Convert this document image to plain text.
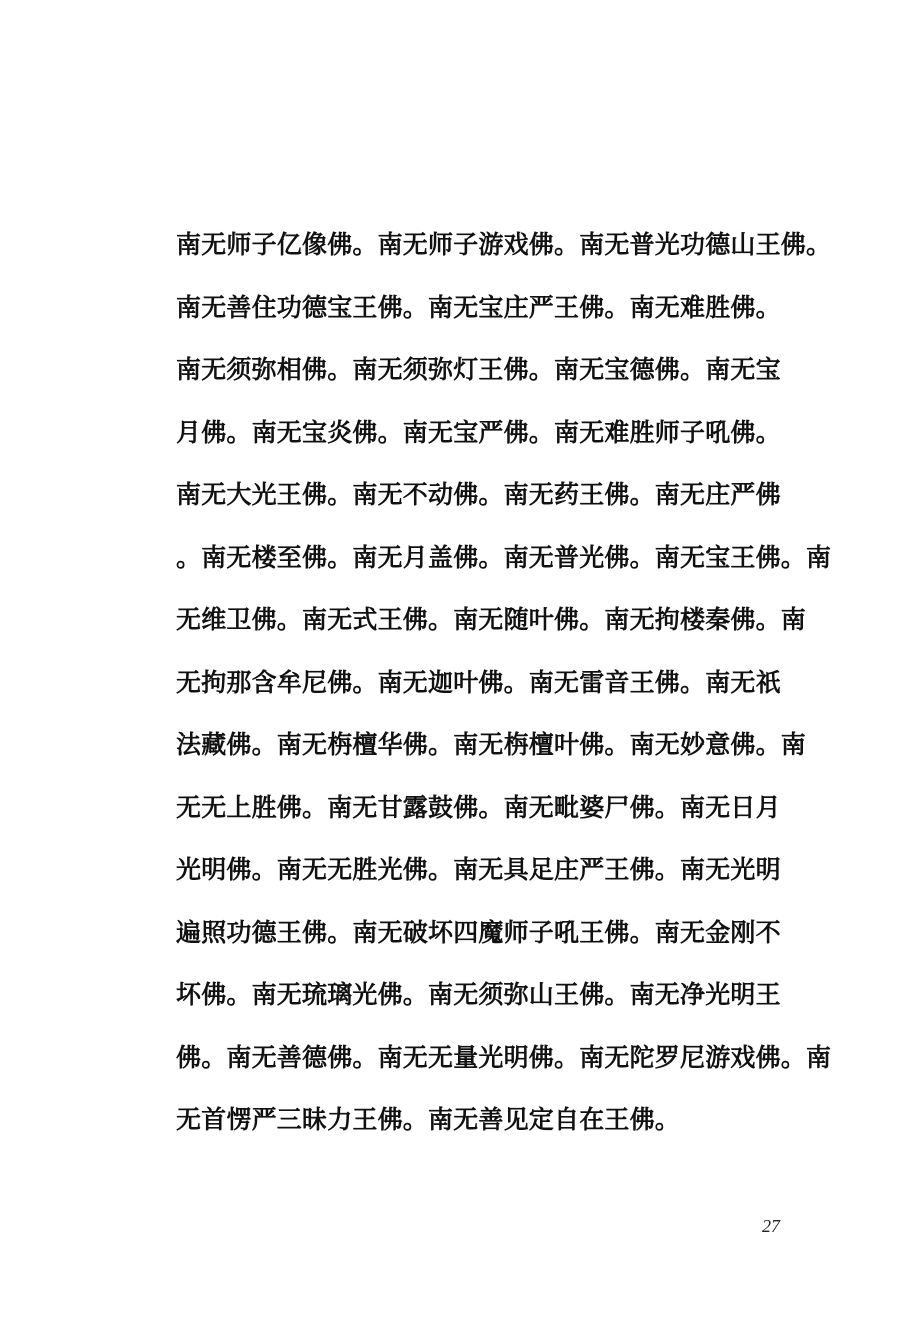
南无师子亿像佛。南无师子游戏佛。南无普光功德山王佛。
南无善住功德宝王佛。南无宝庄严王佛。南无难胜佛。
南无须弥相佛。南无须弥灯王佛。南无宝德佛。南无宝
月佛。南无宝炎佛。南无宝严佛。南无难胜师子吼佛。
南无大光王佛。南无不动佛。南无药王佛。南无庄严佛
。南无楼至佛。南无月盖佛。南无普光佛。南无宝王佛。南
无维卫佛。南无式王佛。南无随叶佛。南无拘楼秦佛。南
无拘那含牟尼佛。南无迦叶佛。南无雷音王佛。南无祇
法藏佛。南无栴檀华佛。南无栴檀叶佛。南无妙意佛。南
无无上胜佛。南无甘露鼓佛。南无毗婆尸佛。南无日月
光明佛。南无无胜光佛。南无具足庄严王佛。南无光明
遍照功德王佛。南无破坏四魔师子吼王佛。南无金刚不
坏佛。南无琉璃光佛。南无须弥山王佛。南无净光明王
佛。南无善德佛。南无无量光明佛。南无陀罗尼游戏佛。南
无首愣严三昧力王佛。南无善见定自在王佛。
27
